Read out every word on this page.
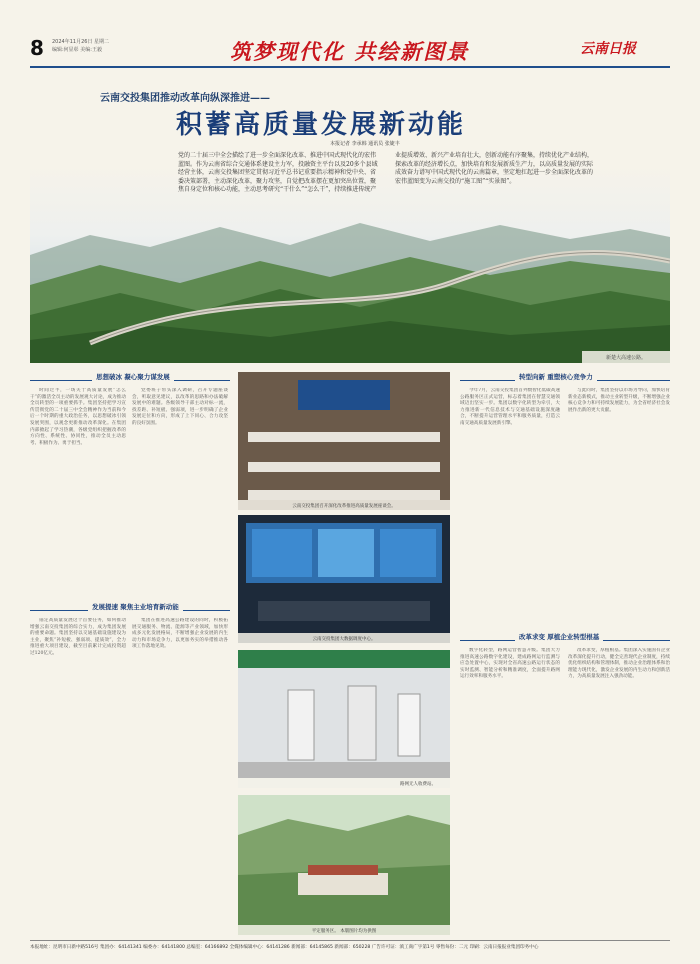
8 2024年11月26日 星期二
编辑:何显彰 美编:王毅	筑梦现代化 共绘新图景	云南日报
云南交投集团推动改革向纵深推进——
积蓄高质量发展新动能
本报记者 李承韩 通讯员 张婕丰
新楚大高速公路。
党的二十届三中全会描绘了进一步全面深化改革、推进中国式现代化的宏伟蓝图。作为云南省综合交通体系建设主力军，投融资主平台以及20多个县域经营主体，云南交投集团坚定贯彻习近平总书记重要指示精神和党中央、省委决策部署，主动深化改革，聚力攻坚，自觉把改革摆在更加突出位置，聚焦自身定位和核心功能，主动思考研究“干什么”“怎么干”，持续推进传统产业提质增效、新兴产业培育壮大，创新动能有序聚集，持续优化产业结构，探索改革的经济增长点，加快培育和发展新质生产力，以高质量发展的实际成效奋力谱写中国式现代化的云南篇章，坚定地扛起进一步全面深化改革的宏伟蓝图变为云南交投的“施工图”“实景图”。
思想破冰 凝心聚力谋发展

时间过半，一场关于高质量发展“怎么干”的激活全员主动的发展观大讨论，成为推动全员转型的一项重要抓手。集团坚持把学习宣传贯彻党的二十届三中全会精神作为当前和今后一个时期的重大政治任务，以思想破冰引领发展突围，以观念更新推动改革深化。在集团内部掀起了学习热潮，各级党组织把握改革的方向性、系统性、协同性，推动全员主动思考、积极作为、勇于担当。

党委班子带头深入调研，召开专题座谈会，听取意见建议，以改革的思路和办法破解发展中的难题。各级领导干部主动对标一流，找差距、补短板、强弱项，进一步明确了企业发展定位和方向，形成了上下同心、合力攻坚的良好氛围。

发展提速 聚焦主业培育新动能

锚定高质量发展这个首要任务，如何推动增强云南交投集团的综合实力，成为集团发展的重要命题。集团坚持以交通基础设施建设为主业，聚焦“补短板、强弱项、提质效”，全力推进重大项目建设，截至目前累计完成投资超过120亿元。

集团在推进高速公路建设的同时，积极拓展交通服务、物流、能源等产业领域，加快形成多元化发展格局，不断增强企业发展的内生动力和市场竞争力，以更加务实的举措推动各项工作落地见效。

云南交投集团召开深化改革推进高质量发展座谈会。
云南交投集团大数据调度中心。
路网无人收费站。
平定服务区。 本版图片均为供图
转型向新 重塑核心竞争力

今年7月，云南交投集团首列数智化低碳高速公路服务区正式运营，标志着集团在智慧交通领域迈出坚实一步。集团以数字化转型为牵引，大力推进新一代信息技术与交通基础设施深度融合，不断提升运营管理水平和服务质量，打造云南交通高质量发展新引擎。

与此同时，集团坚持以市场为导向，加快培育新业态新模式，推动主业转型升级，不断增强企业核心竞争力和可持续发展能力，为全省经济社会发展作出新的更大贡献。

改革求变 厚植企业转型根基

数字化转型，路网运营智慧升级。集团大力推进高速公路数字化建设，建成路网运行监测与应急处置中心，实现对全省高速公路运行状态的实时监测、智能分析和精准调度，全面提升路网运行效率和服务水平。

改革求变，厚植根基。集团深入实施国有企业改革深化提升行动，健全完善现代企业制度，持续优化组织结构和管理体制，推动企业治理体系和治理能力现代化，激发企业发展的内生动力和创新活力，为高质量发展注入强劲动能。

本报地址：昆明市日新中路516号 集团办：64141341 编委办：64141800 总编室：64166892 全媒体编辑中心：64141286 新闻部：64145865 新闻部：650228 广告许可证：滇工商广字第1号 零售每份：二元 印刷：云南日报报业集团印务中心
